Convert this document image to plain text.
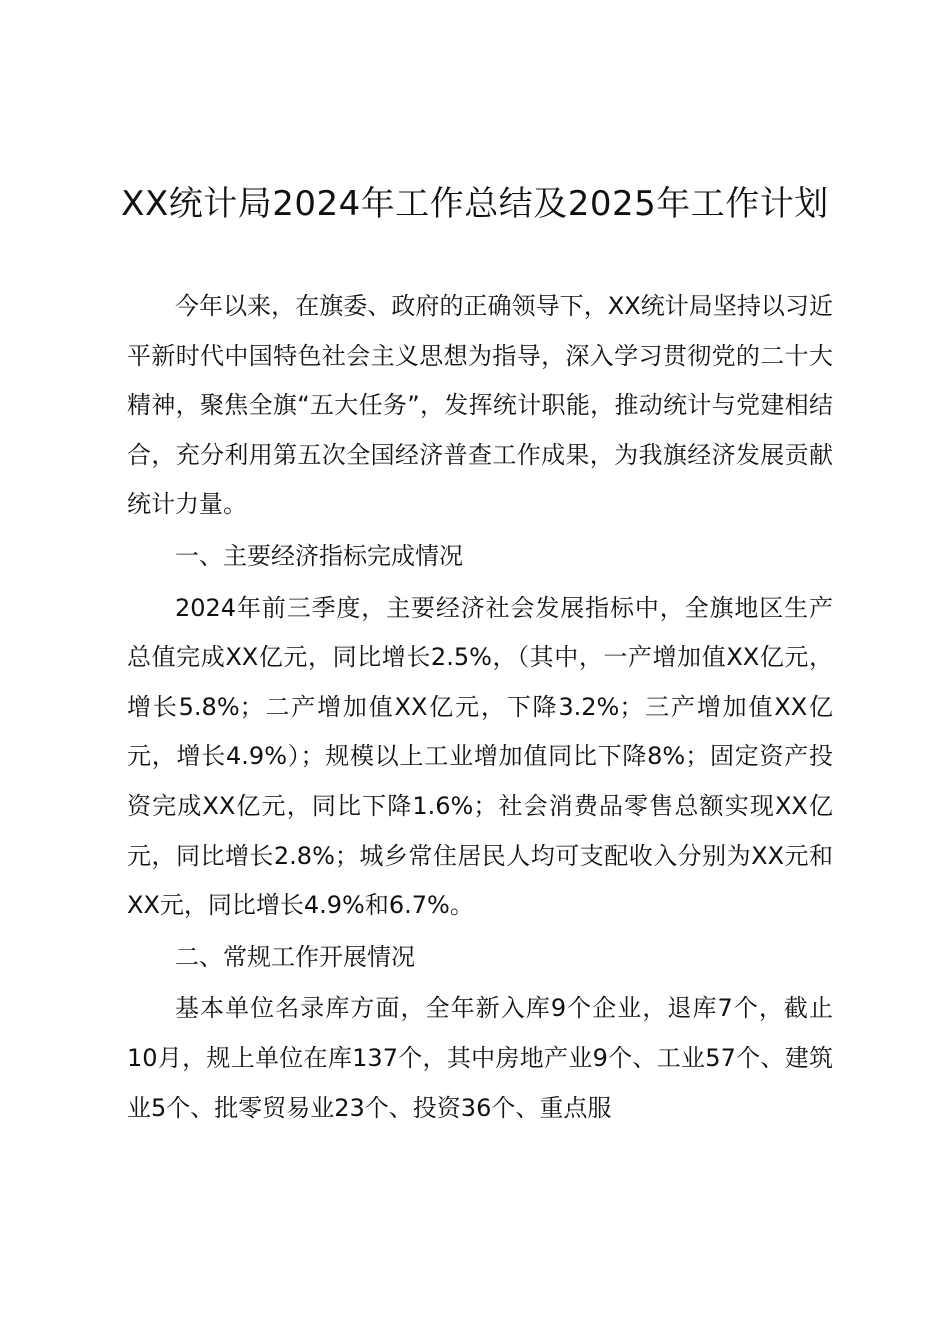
XX统计局2024年工作总结及2025年工作计划

今年以来，在旗委、政府的正确领导下，XX统计局坚持以习近平新时代中国特色社会主义思想为指导，深入学习贯彻党的二十大精神，聚焦全旗“五大任务”，发挥统计职能，推动统计与党建相结合，充分利用第五次全国经济普查工作成果，为我旗经济发展贡献统计力量。

一、主要经济指标完成情况

2024年前三季度，主要经济社会发展指标中，全旗地区生产总值完成XX亿元，同比增长2.5%，（其中，一产增加值XX亿元，增长5.8%；二产增加值XX亿元，下降3.2%；三产增加值XX亿元，增长4.9%）；规模以上工业增加值同比下降8%；固定资产投资完成XX亿元，同比下降1.6%；社会消费品零售总额实现XX亿元，同比增长2.8%；城乡常住居民人均可支配收入分别为XX元和XX元，同比增长4.9%和6.7%。

二、常规工作开展情况

基本单位名录库方面，全年新入库9个企业，退库7个，截止10月，规上单位在库137个，其中房地产业9个、工业57个、建筑业5个、批零贸易业23个、投资36个、重点服
